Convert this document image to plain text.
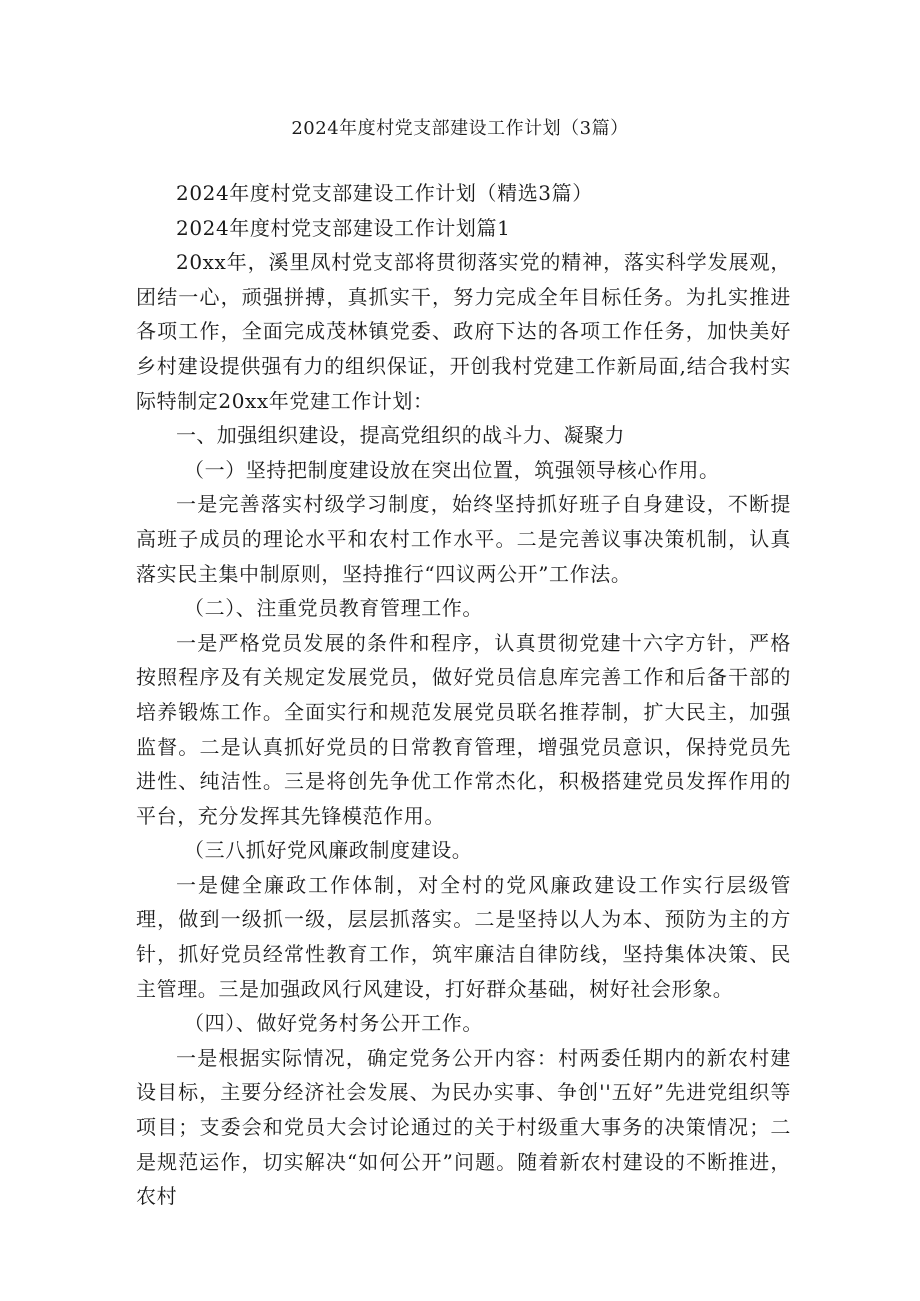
2024年度村党支部建设工作计划（3篇）

2024年度村党支部建设工作计划（精选3篇）

2024年度村党支部建设工作计划篇1

20xx年，溪里凤村党支部将贯彻落实党的精神，落实科学发展观，团结一心，顽强拼搏，真抓实干，努力完成全年目标任务。为扎实推进各项工作，全面完成茂林镇党委、政府下达的各项工作任务，加快美好乡村建设提供强有力的组织保证，开创我村党建工作新局面,结合我村实际特制定20xx年党建工作计划：

一、加强组织建设，提高党组织的战斗力、凝聚力

（一）坚持把制度建设放在突出位置，筑强领导核心作用。

一是完善落实村级学习制度，始终坚持抓好班子自身建设，不断提高班子成员的理论水平和农村工作水平。二是完善议事决策机制，认真落实民主集中制原则，坚持推行“四议两公开”工作法。

（二）、注重党员教育管理工作。

一是严格党员发展的条件和程序，认真贯彻党建十六字方针，严格按照程序及有关规定发展党员，做好党员信息库完善工作和后备干部的培养锻炼工作。全面实行和规范发展党员联名推荐制，扩大民主，加强监督。二是认真抓好党员的日常教育管理，增强党员意识，保持党员先进性、纯洁性。三是将创先争优工作常杰化，积极搭建党员发挥作用的平台，充分发挥其先锋模范作用。

（三八抓好党风廉政制度建设。

一是健全廉政工作体制，对全村的党风廉政建设工作实行层级管理，做到一级抓一级，层层抓落实。二是坚持以人为本、预防为主的方针，抓好党员经常性教育工作，筑牢廉洁自律防线，坚持集体决策、民主管理。三是加强政风行风建设，打好群众基础，树好社会形象。

（四）、做好党务村务公开工作。

一是根据实际情况，确定党务公开内容：村两委任期内的新农村建设目标，主要分经济社会发展、为民办实事、争创''五好”先进党组织等项目；支委会和党员大会讨论通过的关于村级重大事务的决策情况；二是规范运作，切实解决“如何公开”问题。随着新农村建设的不断推进，农村
